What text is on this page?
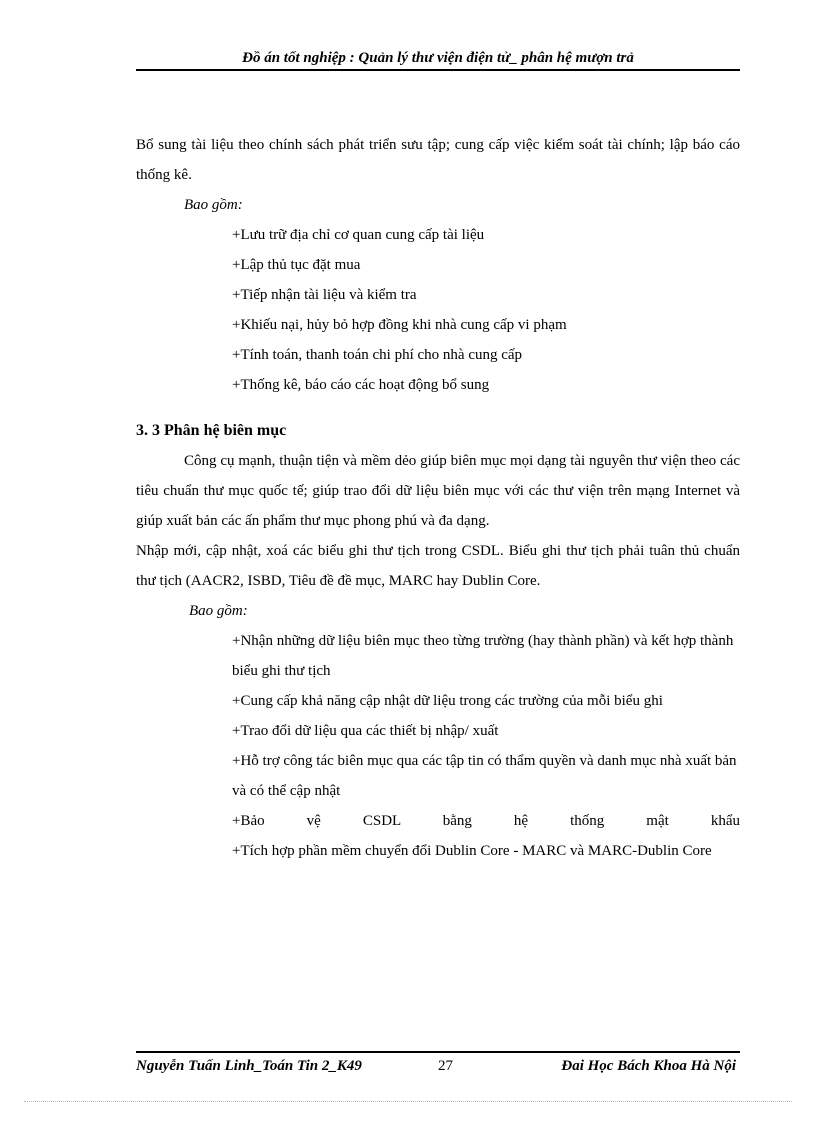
Đồ án tốt nghiệp : Quản lý thư viện điện tử_ phân hệ mượn trả

Bổ sung tài liệu theo chính sách phát triển sưu tập; cung cấp việc kiểm soát tài chính; lập báo cáo thống kê.

Bao gồm:

+Lưu trữ địa chỉ cơ quan cung cấp tài liệu

+Lập thủ tục đặt mua

+Tiếp nhận tài liệu và kiểm tra

+Khiếu nại, hủy bỏ hợp đồng khi nhà cung cấp vi phạm

+Tính toán, thanh toán chi phí cho nhà cung cấp

+Thống kê, báo cáo các hoạt động bổ sung

3. 3 Phân hệ biên mục

Công cụ mạnh, thuận tiện và mềm dẻo giúp biên mục mọi dạng tài nguyên thư viện theo các tiêu chuẩn thư mục quốc tế; giúp trao đổi dữ liệu biên mục với các thư viện trên mạng Internet và giúp xuất bản các ấn phẩm thư mục phong phú và đa dạng.

Nhập mới, cập nhật, xoá các biểu ghi thư tịch trong CSDL. Biểu ghi thư tịch phải tuân thủ chuẩn thư tịch (AACR2, ISBD, Tiêu đề đề mục, MARC hay Dublin Core.

Bao gồm:

+Nhận những dữ liệu biên mục theo từng trường (hay thành phần) và kết hợp thành biểu ghi thư tịch

+Cung cấp khả năng cập nhật dữ liệu trong các trường của mỗi biểu ghi

+Trao đổi dữ liệu qua các thiết bị nhập/ xuất

+Hỗ trợ công tác biên mục qua các tập tin có thẩm quyền và danh mục nhà xuất bản và có thể cập nhật

+Bảo vệ CSDL bằng hệ thống mật khẩu

+Tích hợp phần mềm chuyển đổi Dublin Core - MARC và MARC-Dublin Core

Nguyễn Tuấn Linh_Toán Tin 2_K49	27	Đai Học Bách Khoa Hà Nội
